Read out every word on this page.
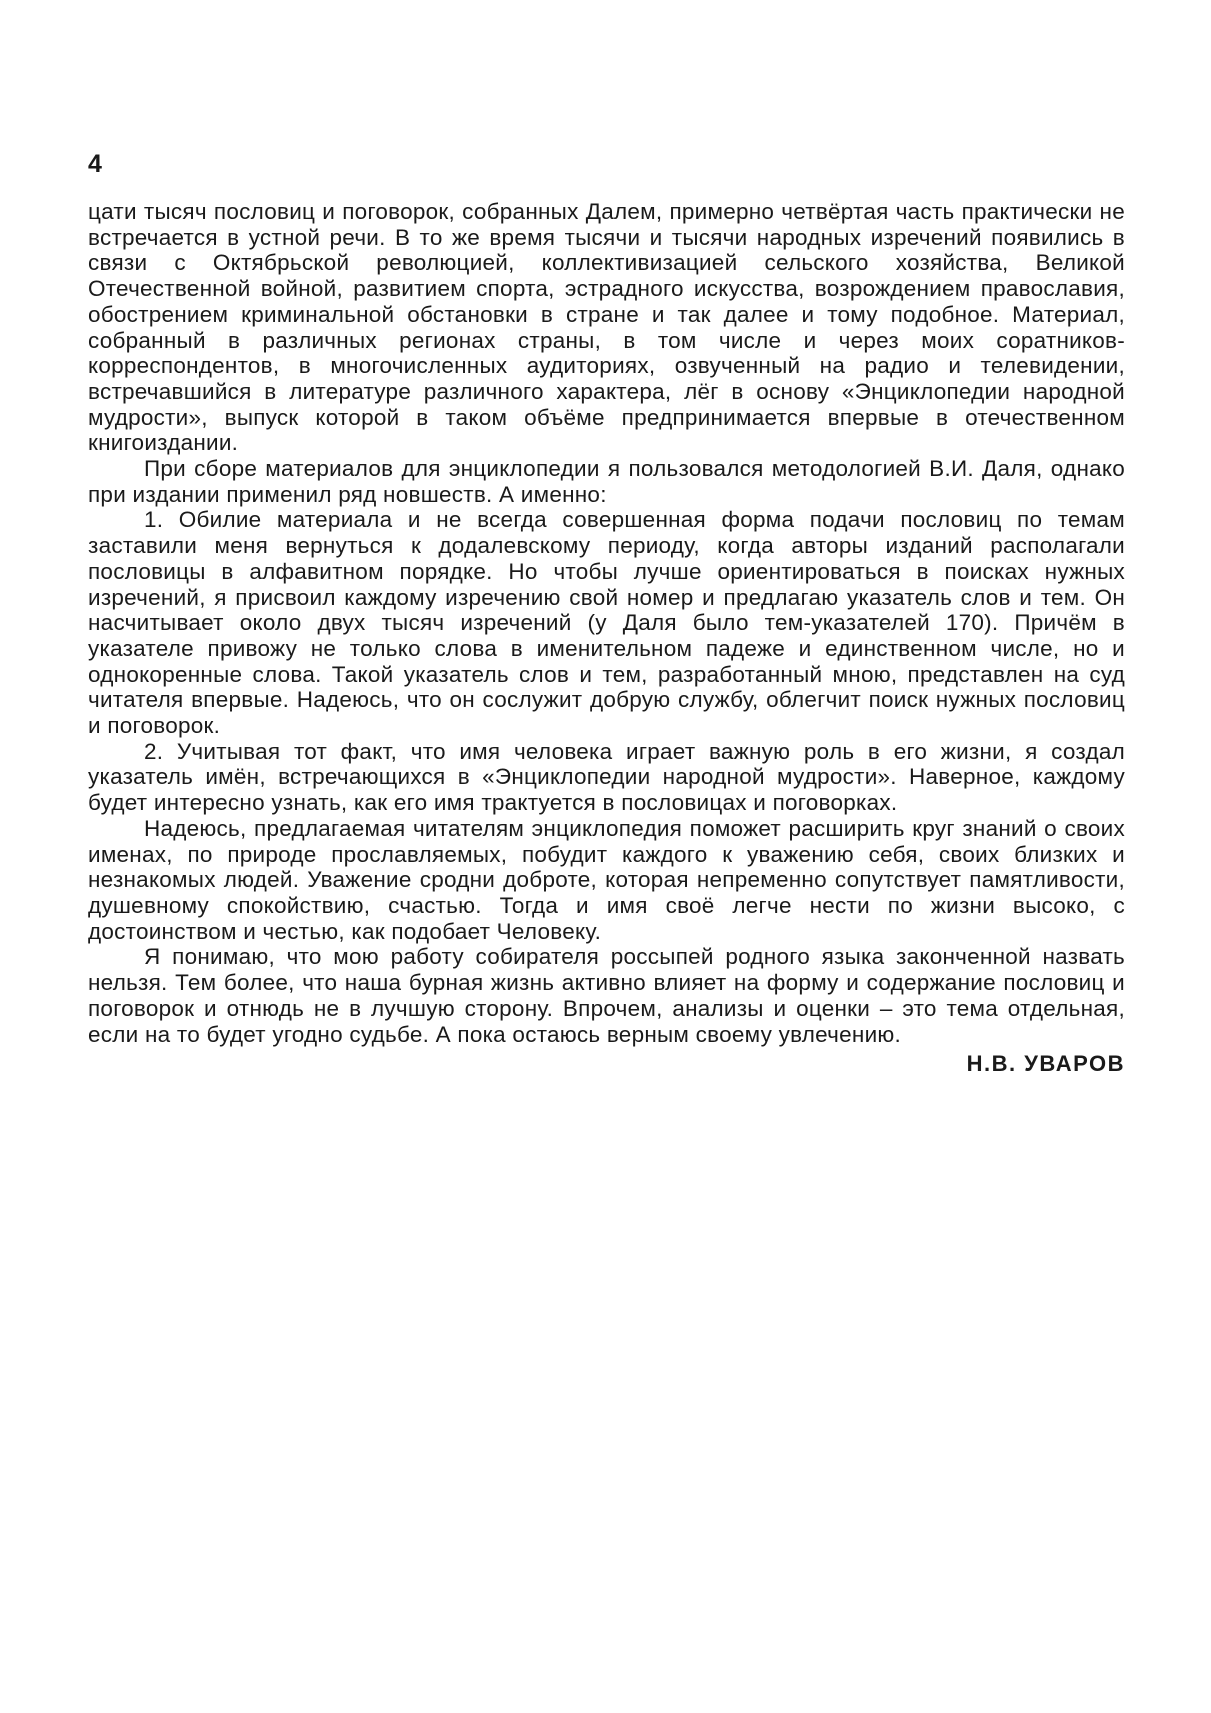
4

цати тысяч пословиц и поговорок, собранных Далем, примерно четвёртая часть практически не встречается в устной речи. В то же время тысячи и тысячи народных изречений появились в связи с Октябрьской революцией, коллективизацией сельского хозяйства, Великой Отечественной войной, развитием спорта, эстрадного искусства, возрождением православия, обострением криминальной обстановки в стране и так далее и тому подобное. Материал, собранный в различных регионах страны, в том числе и через моих соратников-корреспондентов, в многочисленных аудиториях, озвученный на радио и телевидении, встречавшийся в литературе различного характера, лёг в основу «Энциклопедии народной мудрости», выпуск которой в таком объёме предпринимается впервые в отечественном книгоиздании.

При сборе материалов для энциклопедии я пользовался методологией В.И. Даля, однако при издании применил ряд новшеств. А именно:

1. Обилие материала и не всегда совершенная форма подачи пословиц по темам заставили меня вернуться к додалевскому периоду, когда авторы изданий располагали пословицы в алфавитном порядке. Но чтобы лучше ориентироваться в поисках нужных изречений, я присвоил каждому изречению свой номер и предлагаю указатель слов и тем. Он насчитывает около двух тысяч изречений (у Даля было тем-указателей 170). Причём в указателе привожу не только слова в именительном падеже и единственном числе, но и однокоренные слова. Такой указатель слов и тем, разработанный мною, представлен на суд читателя впервые. Надеюсь, что он сослужит добрую службу, облегчит поиск нужных пословиц и поговорок.

2. Учитывая тот факт, что имя человека играет важную роль в его жизни, я создал указатель имён, встречающихся в «Энциклопедии народной мудрости». Наверное, каждому будет интересно узнать, как его имя трактуется в пословицах и поговорках.

Надеюсь, предлагаемая читателям энциклопедия поможет расширить круг знаний о своих именах, по природе прославляемых, побудит каждого к уважению себя, своих близких и незнакомых людей. Уважение сродни доброте, которая непременно сопутствует памятливости, душевному спокойствию, счастью. Тогда и имя своё легче нести по жизни высоко, с достоинством и честью, как подобает Человеку.

Я понимаю, что мою работу собирателя россыпей родного языка законченной назвать нельзя. Тем более, что наша бурная жизнь активно влияет на форму и содержание пословиц и поговорок и отнюдь не в лучшую сторону. Впрочем, анализы и оценки – это тема отдельная, если на то будет угодно судьбе. А пока остаюсь верным своему увлечению.

Н.В. УВАРОВ
